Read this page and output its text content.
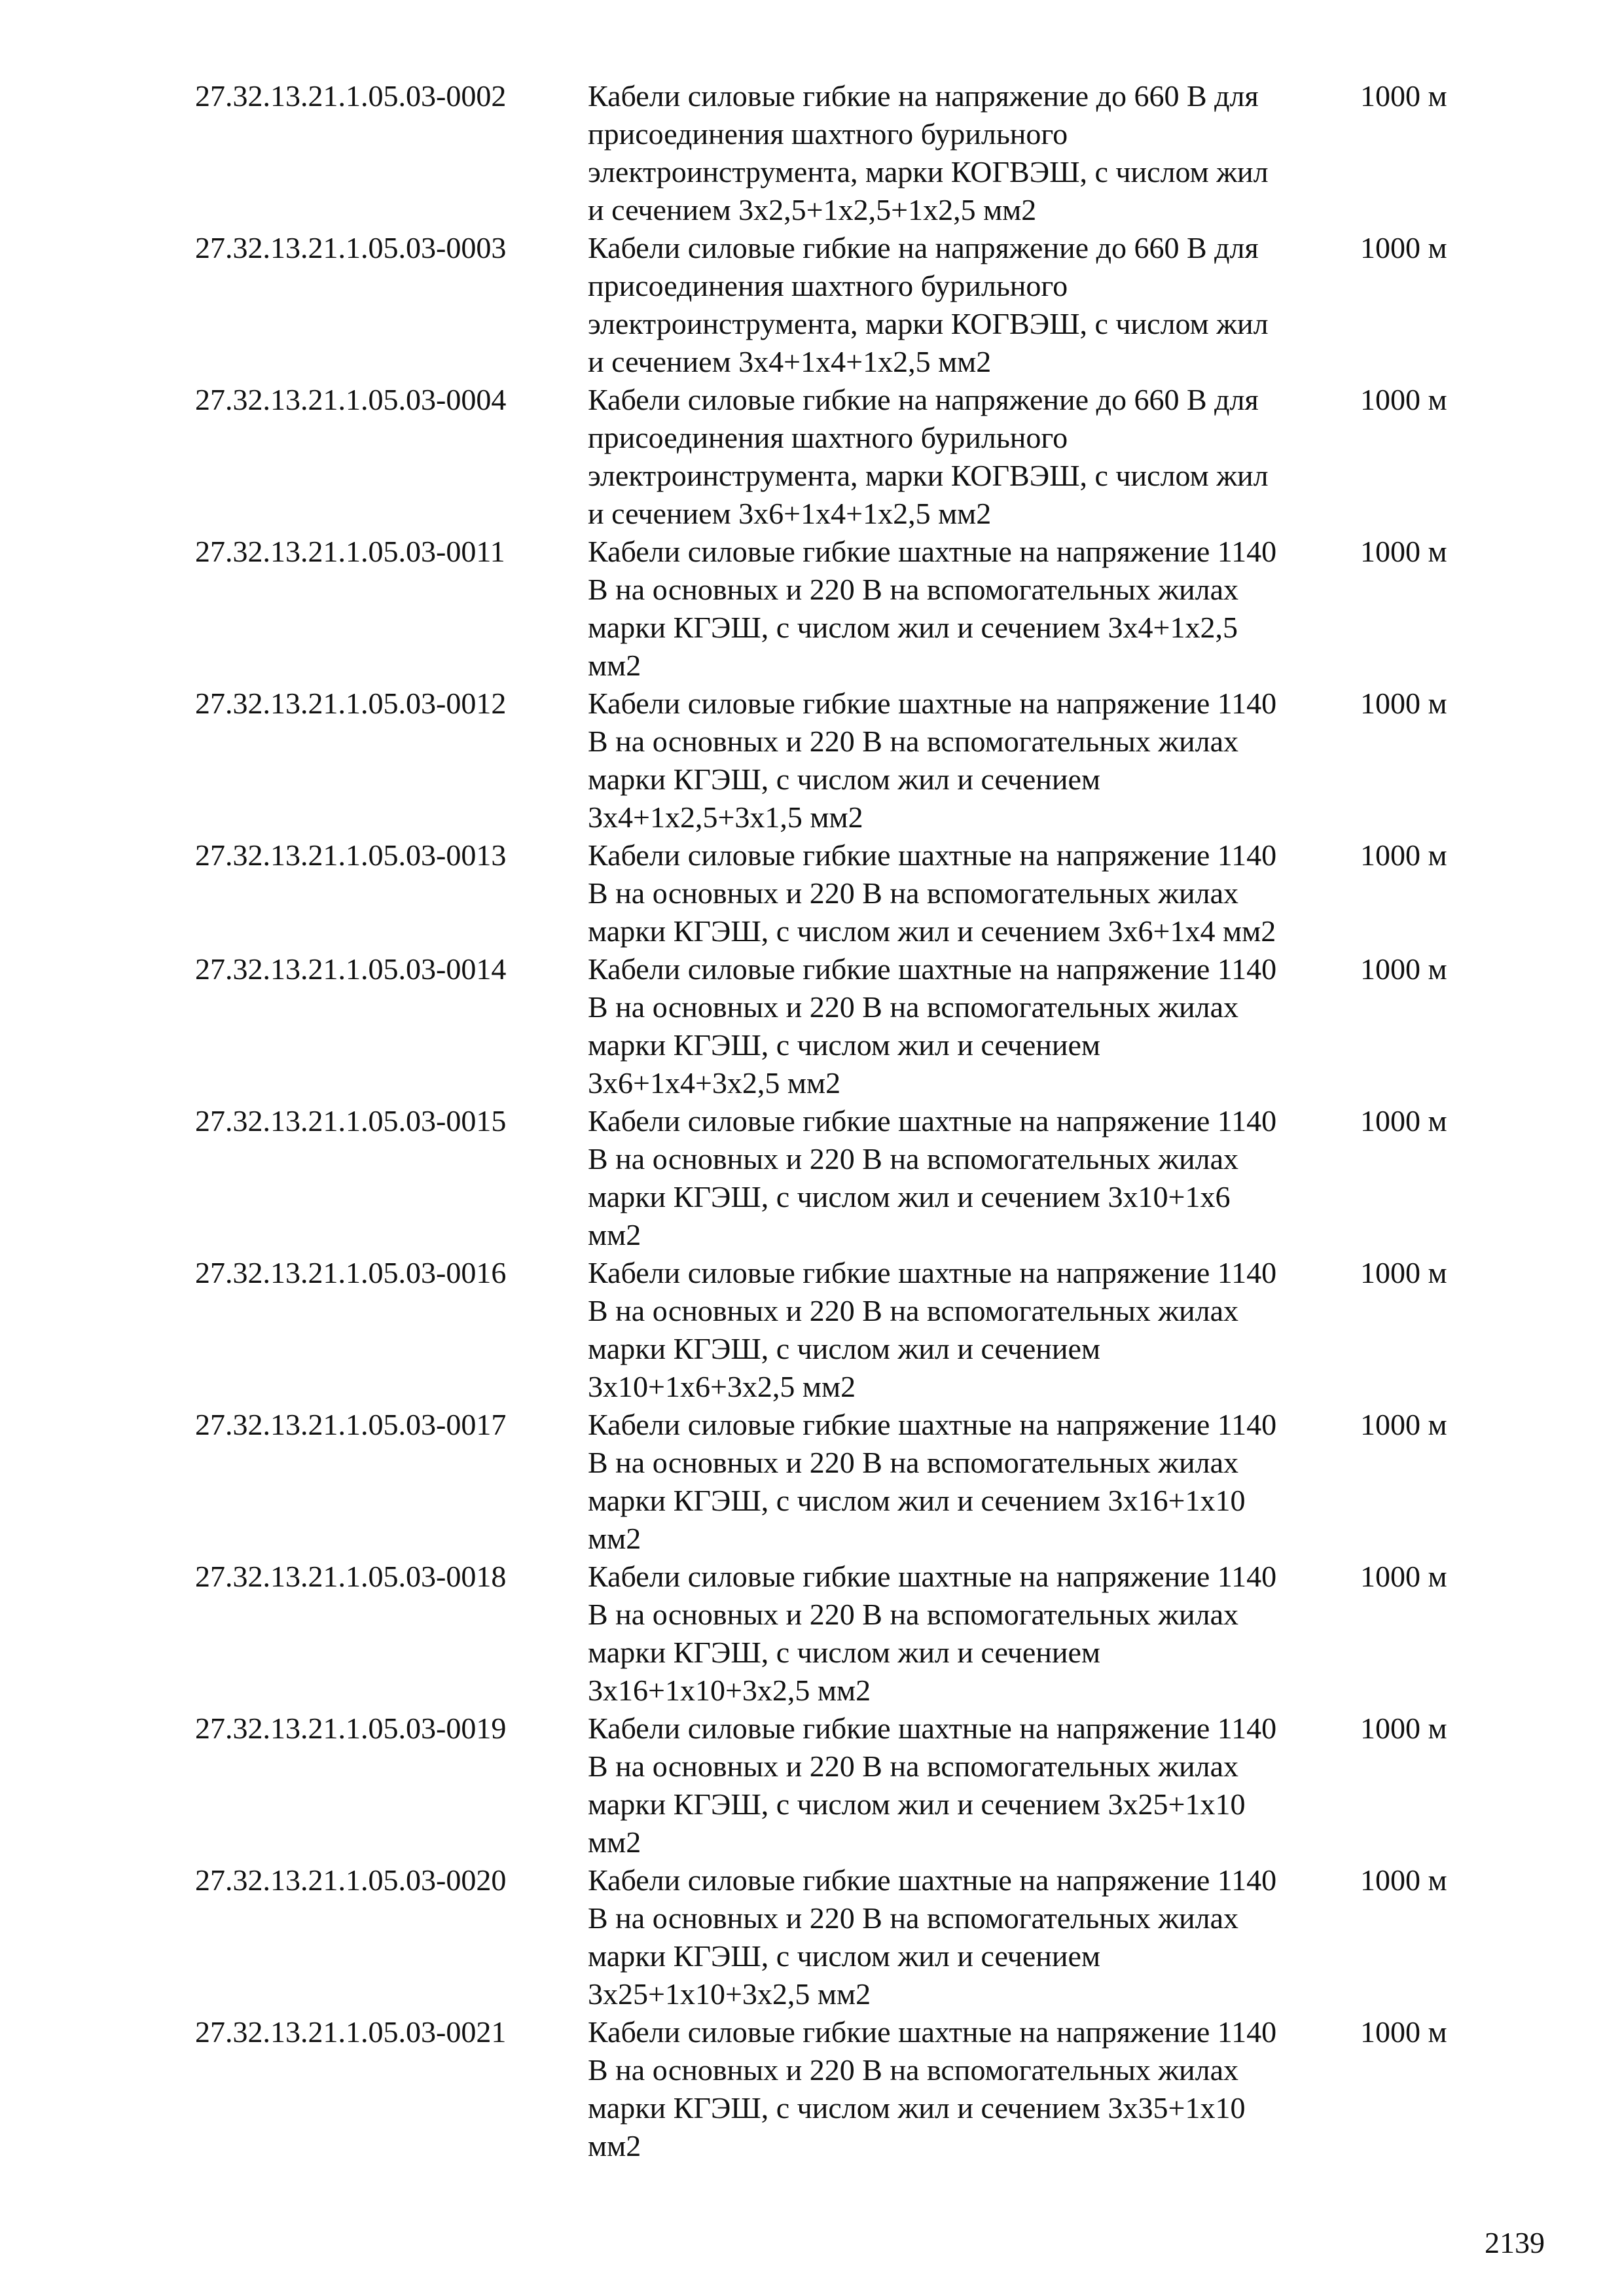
27.32.13.21.1.05.03-0002	Кабели силовые гибкие на напряжение до 660 В для
присоединения шахтного бурильного
электроинструмента, марки КОГВЭШ, с числом жил
и сечением 3х2,5+1х2,5+1х2,5 мм2
1000 м
27.32.13.21.1.05.03-0003	Кабели силовые гибкие на напряжение до 660 В для
присоединения шахтного бурильного
электроинструмента, марки КОГВЭШ, с числом жил
и сечением 3х4+1х4+1х2,5 мм2
1000 м
27.32.13.21.1.05.03-0004	Кабели силовые гибкие на напряжение до 660 В для
присоединения шахтного бурильного
электроинструмента, марки КОГВЭШ, с числом жил
и сечением 3х6+1х4+1х2,5 мм2
1000 м
27.32.13.21.1.05.03-0011	Кабели силовые гибкие шахтные на напряжение 1140
В на основных и 220 В на вспомогательных жилах
марки КГЭШ, с числом жил и сечением 3х4+1х2,5
мм2
1000 м
27.32.13.21.1.05.03-0012	Кабели силовые гибкие шахтные на напряжение 1140
В на основных и 220 В на вспомогательных жилах
марки КГЭШ, с числом жил и сечением
3х4+1х2,5+3х1,5 мм2
1000 м
27.32.13.21.1.05.03-0013	Кабели силовые гибкие шахтные на напряжение 1140
В на основных и 220 В на вспомогательных жилах
марки КГЭШ, с числом жил и сечением 3х6+1х4 мм2
1000 м
27.32.13.21.1.05.03-0014	Кабели силовые гибкие шахтные на напряжение 1140
В на основных и 220 В на вспомогательных жилах
марки КГЭШ, с числом жил и сечением
3х6+1х4+3х2,5 мм2
1000 м
27.32.13.21.1.05.03-0015	Кабели силовые гибкие шахтные на напряжение 1140
В на основных и 220 В на вспомогательных жилах
марки КГЭШ, с числом жил и сечением 3х10+1х6
мм2
1000 м
27.32.13.21.1.05.03-0016	Кабели силовые гибкие шахтные на напряжение 1140
В на основных и 220 В на вспомогательных жилах
марки КГЭШ, с числом жил и сечением
3х10+1х6+3х2,5 мм2
1000 м
27.32.13.21.1.05.03-0017	Кабели силовые гибкие шахтные на напряжение 1140
В на основных и 220 В на вспомогательных жилах
марки КГЭШ, с числом жил и сечением 3х16+1х10
мм2
1000 м
27.32.13.21.1.05.03-0018	Кабели силовые гибкие шахтные на напряжение 1140
В на основных и 220 В на вспомогательных жилах
марки КГЭШ, с числом жил и сечением
3х16+1х10+3х2,5 мм2
1000 м
27.32.13.21.1.05.03-0019	Кабели силовые гибкие шахтные на напряжение 1140
В на основных и 220 В на вспомогательных жилах
марки КГЭШ, с числом жил и сечением 3х25+1х10
мм2
1000 м
27.32.13.21.1.05.03-0020	Кабели силовые гибкие шахтные на напряжение 1140
В на основных и 220 В на вспомогательных жилах
марки КГЭШ, с числом жил и сечением
3х25+1х10+3х2,5 мм2
1000 м
27.32.13.21.1.05.03-0021	Кабели силовые гибкие шахтные на напряжение 1140
В на основных и 220 В на вспомогательных жилах
марки КГЭШ, с числом жил и сечением 3х35+1х10
мм2
1000 м
2139
